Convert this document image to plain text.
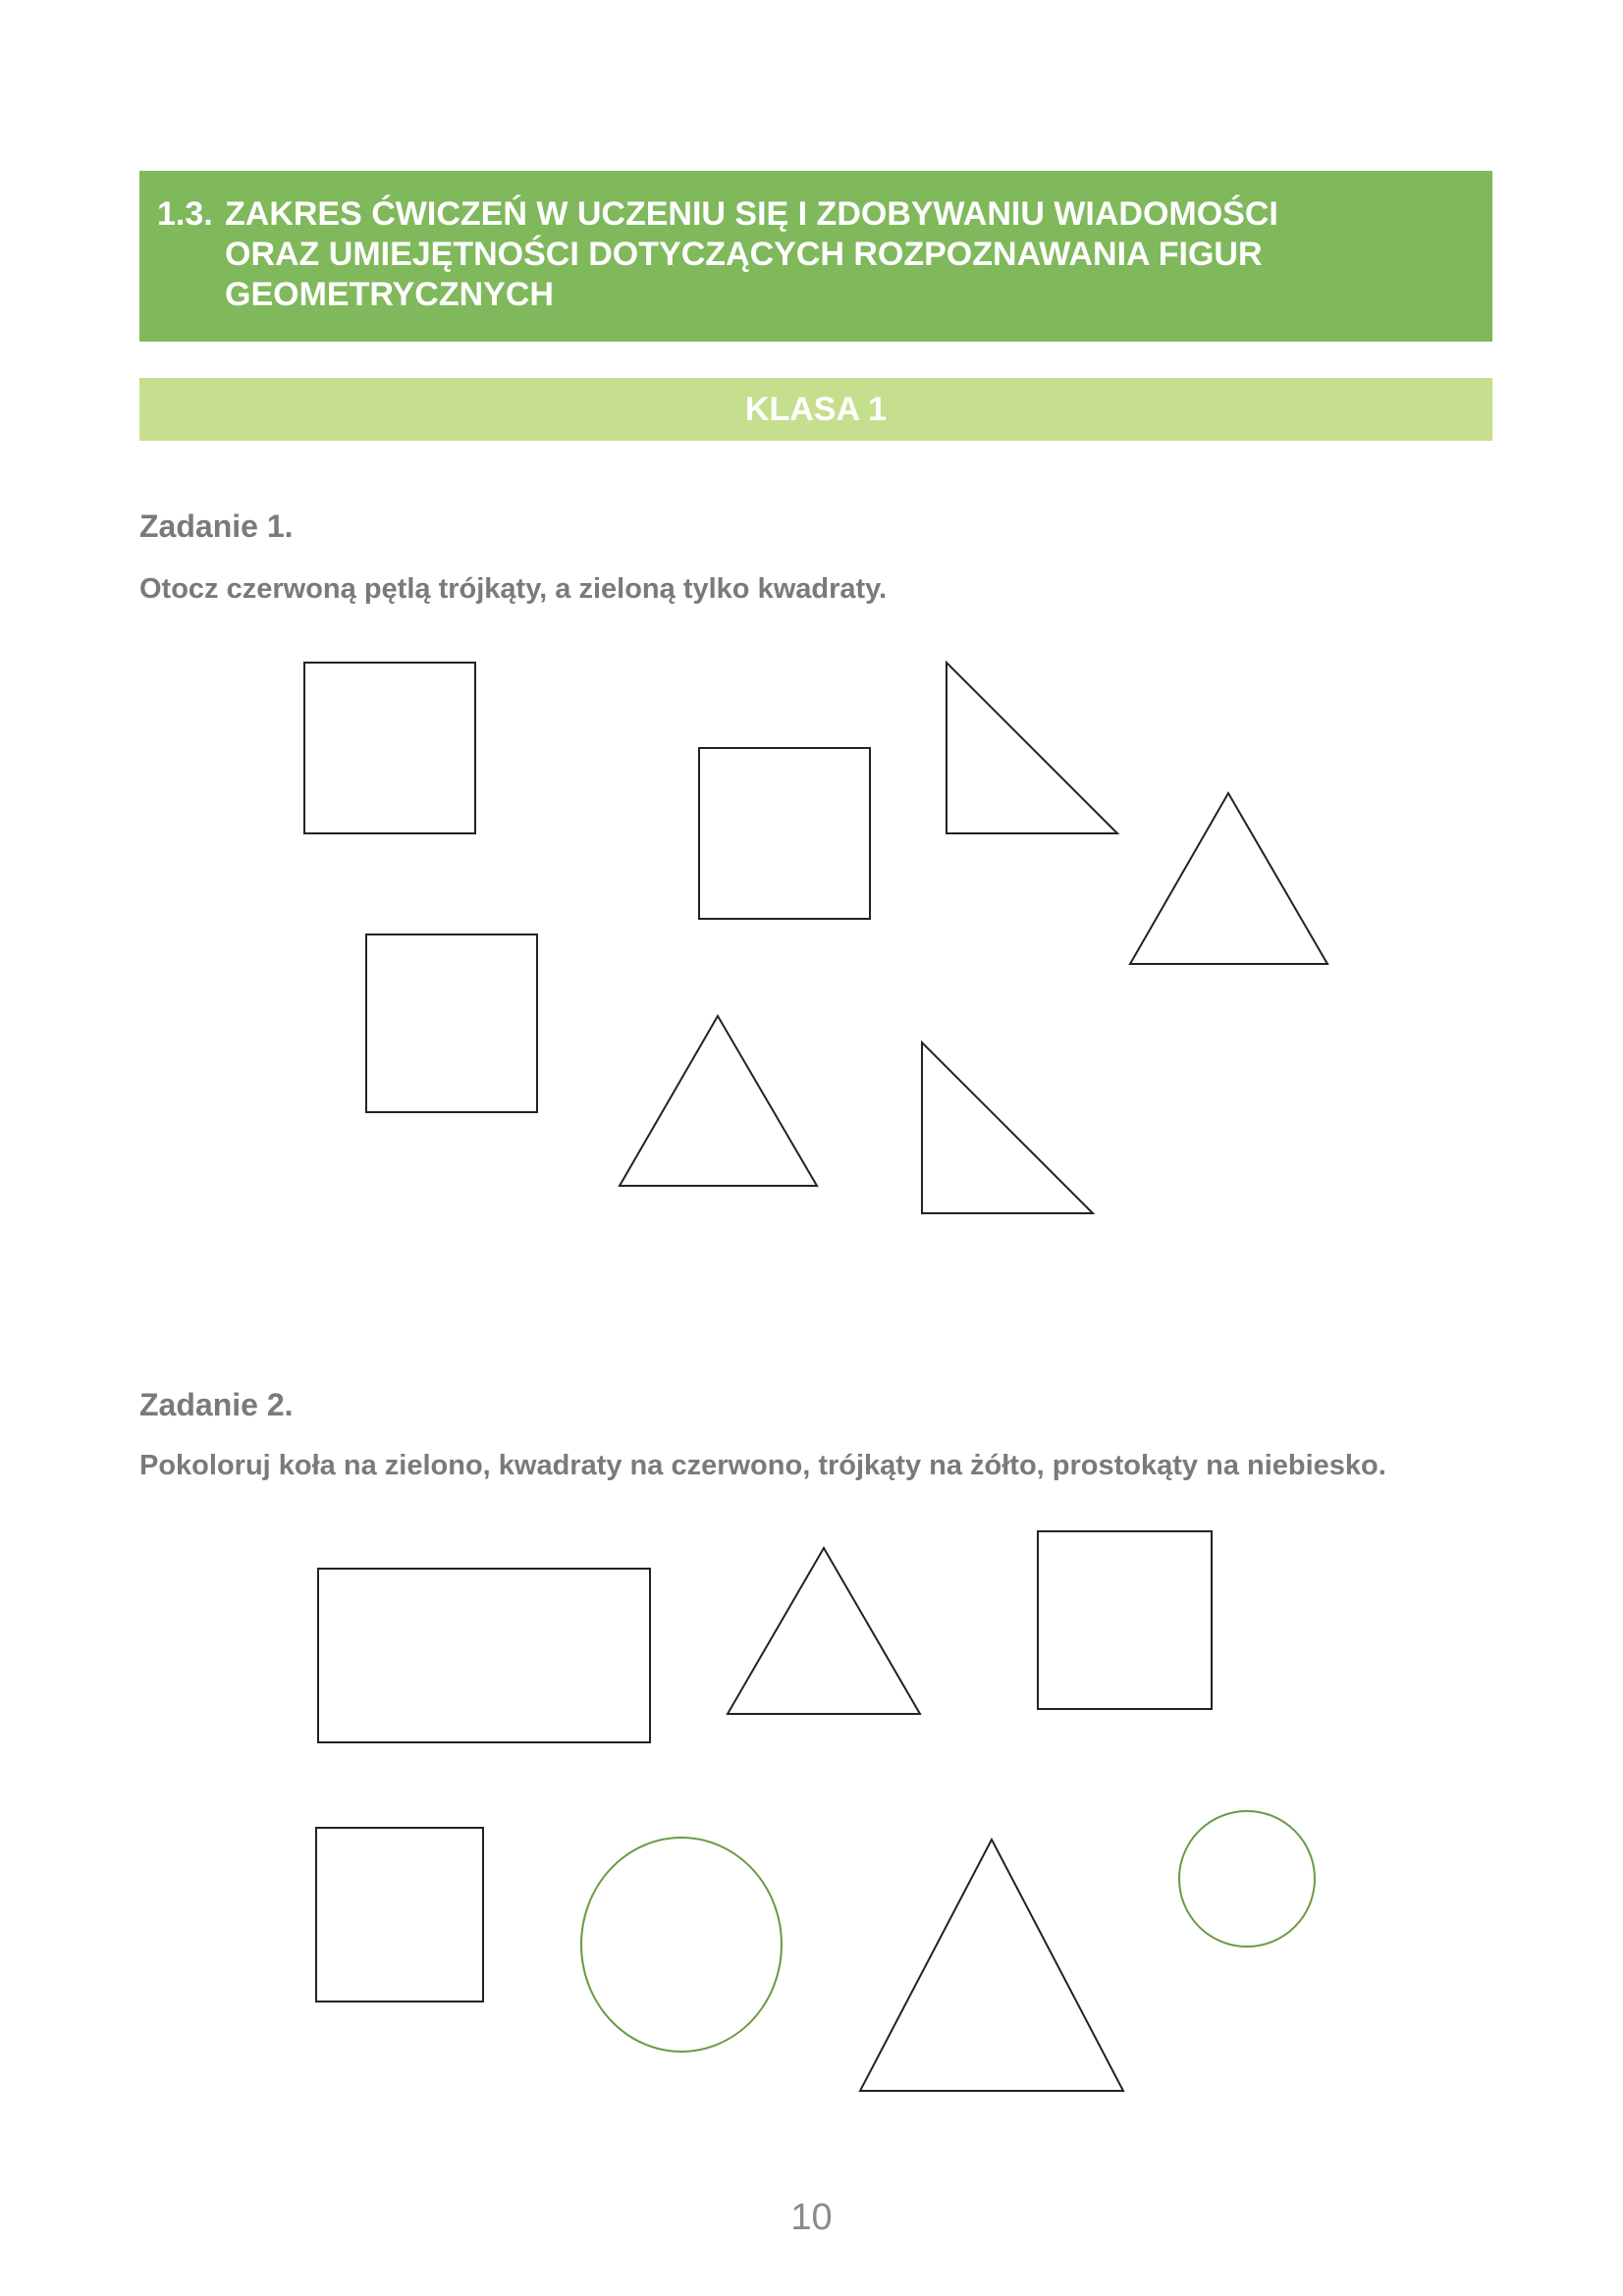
1.3. ZAKRES ĆWICZEŃ W UCZENIU SIĘ I ZDOBYWANIU WIADOMOŚCI
ORAZ UMIEJĘTNOŚCI DOTYCZĄCYCH ROZPOZNAWANIA FIGUR
GEOMETRYCZNYCH
KLASA 1
Zadanie 1.
Otocz czerwoną pętlą trójkąty, a zieloną tylko kwadraty.
Zadanie 2.
Pokoloruj koła na zielono, kwadraty na czerwono, trójkąty na żółto, prostokąty na niebiesko.
10
